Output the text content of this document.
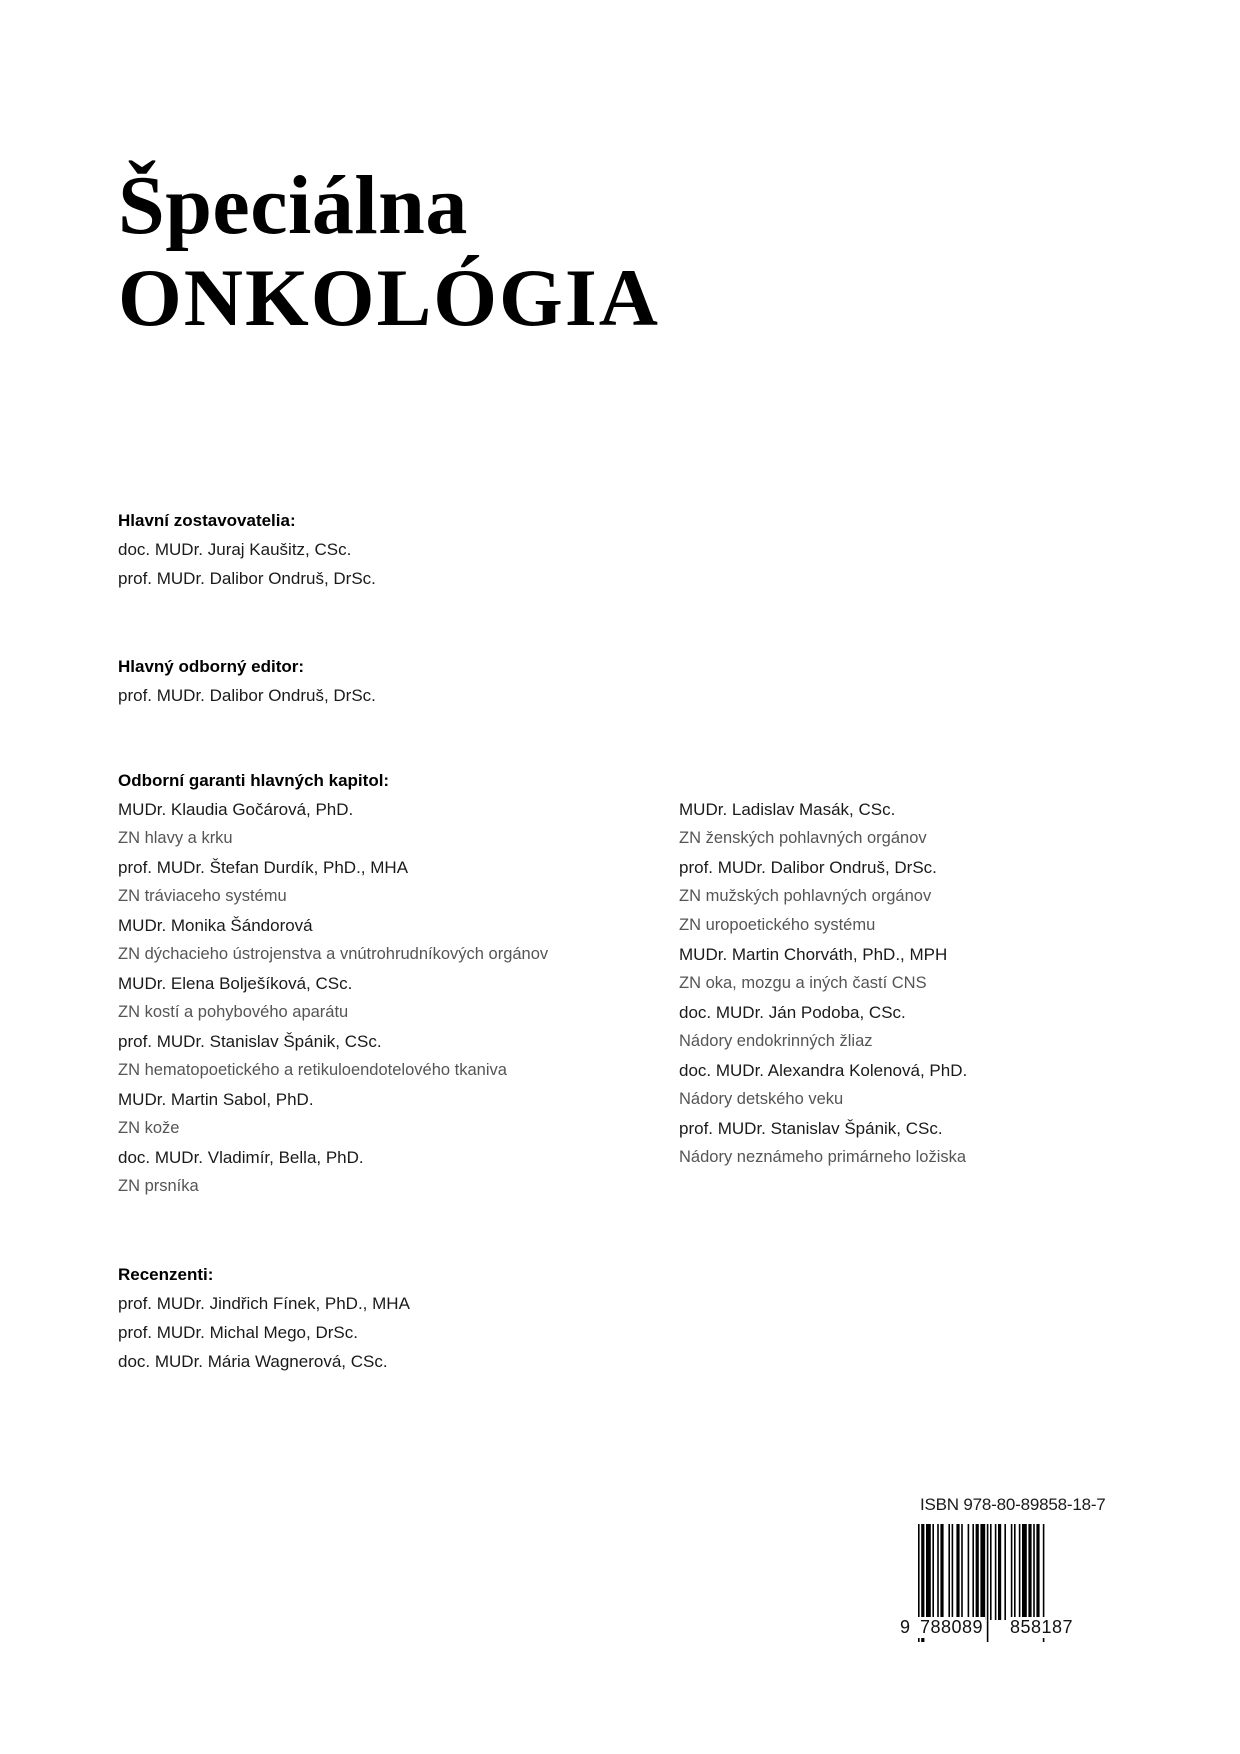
Špeciálna
ONKOLÓGIA
Hlavní zostavovatelia:
doc. MUDr. Juraj Kaušitz, CSc.
prof. MUDr. Dalibor Ondruš, DrSc.
Hlavný odborný editor:
prof. MUDr. Dalibor Ondruš, DrSc.
Odborní garanti hlavných kapitol:
MUDr. Klaudia Gočárová, PhD.
ZN hlavy a krku
prof. MUDr. Štefan Durdík, PhD., MHA
ZN tráviaceho systému
MUDr. Monika Šándorová
ZN dýchacieho ústrojenstva a vnútrohrudníkových orgánov
MUDr. Elena Bolješíková, CSc.
ZN kostí a pohybového aparátu
prof. MUDr. Stanislav Špánik, CSc.
ZN hematopoetického a retikuloendotelového tkaniva
MUDr. Martin Sabol, PhD.
ZN kože
doc. MUDr. Vladimír, Bella, PhD.
ZN prsníka
MUDr. Ladislav Masák, CSc.
ZN ženských pohlavných orgánov
prof. MUDr. Dalibor Ondruš, DrSc.
ZN mužských pohlavných orgánov
ZN uropoetického systému
MUDr. Martin Chorváth, PhD., MPH
ZN oka, mozgu a iných častí CNS
doc. MUDr. Ján Podoba, CSc.
Nádory endokrinných žliaz
doc. MUDr. Alexandra Kolenová, PhD.
Nádory detského veku
prof. MUDr. Stanislav Špánik, CSc.
Nádory neznámeho primárneho ložiska
Recenzenti:
prof. MUDr. Jindřich Fínek, PhD., MHA
prof. MUDr. Michal Mego, DrSc.
doc. MUDr. Mária Wagnerová, CSc.
ISBN 978-80-89858-18-7
9 788089 858187
